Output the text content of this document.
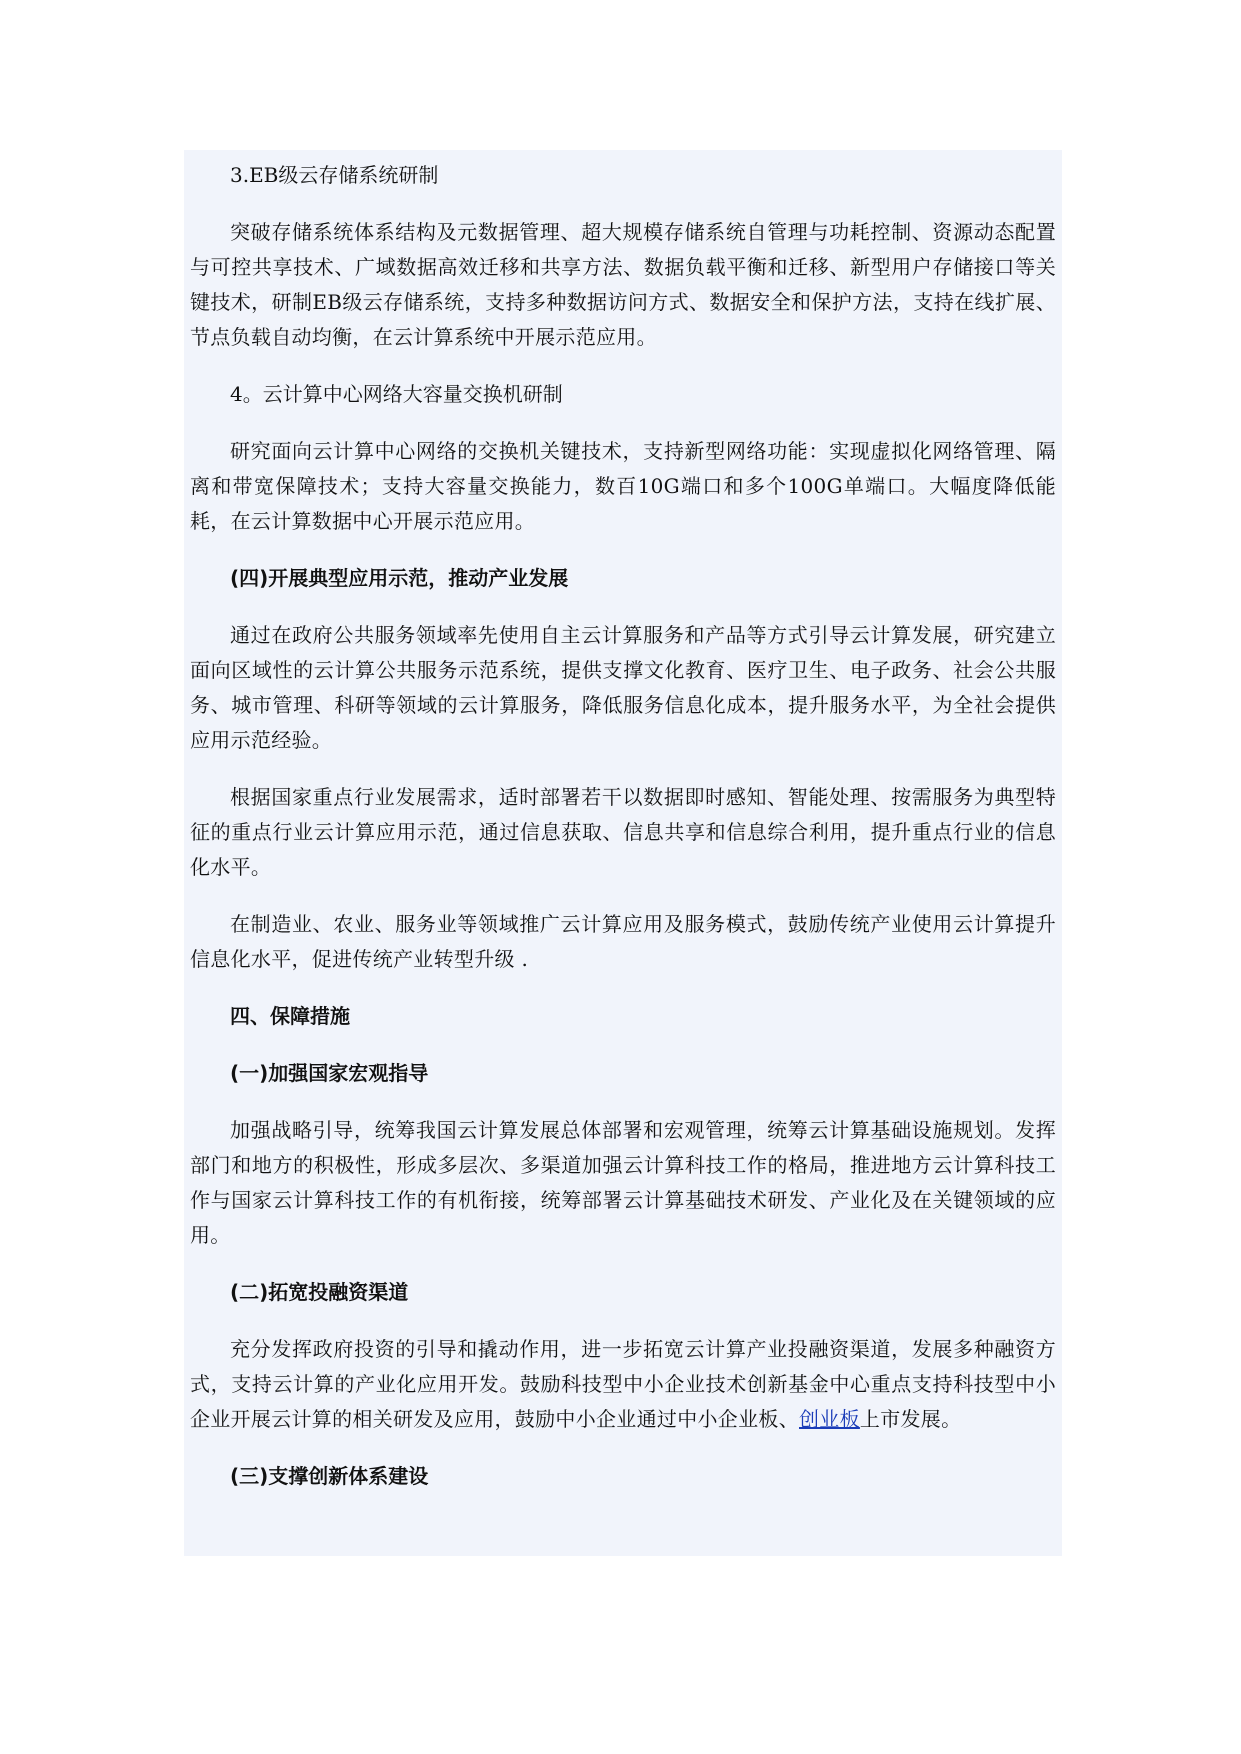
3.EB级云存储系统研制

突破存储系统体系结构及元数据管理、超大规模存储系统自管理与功耗控制、资源动态配置与可控共享技术、广域数据高效迁移和共享方法、数据负载平衡和迁移、新型用户存储接口等关键技术，研制EB级云存储系统，支持多种数据访问方式、数据安全和保护方法，支持在线扩展、节点负载自动均衡，在云计算系统中开展示范应用。

4。云计算中心网络大容量交换机研制

研究面向云计算中心网络的交换机关键技术，支持新型网络功能：实现虚拟化网络管理、隔离和带宽保障技术；支持大容量交换能力，数百10G端口和多个100G单端口。大幅度降低能耗，在云计算数据中心开展示范应用。

(四)开展典型应用示范，推动产业发展

通过在政府公共服务领域率先使用自主云计算服务和产品等方式引导云计算发展，研究建立面向区域性的云计算公共服务示范系统，提供支撑文化教育、医疗卫生、电子政务、社会公共服务、城市管理、科研等领域的云计算服务，降低服务信息化成本，提升服务水平，为全社会提供应用示范经验。

根据国家重点行业发展需求，适时部署若干以数据即时感知、智能处理、按需服务为典型特征的重点行业云计算应用示范，通过信息获取、信息共享和信息综合利用，提升重点行业的信息化水平。

在制造业、农业、服务业等领域推广云计算应用及服务模式，鼓励传统产业使用云计算提升信息化水平，促进传统产业转型升级 .

四、保障措施

(一)加强国家宏观指导

加强战略引导，统筹我国云计算发展总体部署和宏观管理，统筹云计算基础设施规划。发挥部门和地方的积极性，形成多层次、多渠道加强云计算科技工作的格局，推进地方云计算科技工作与国家云计算科技工作的有机衔接，统筹部署云计算基础技术研发、产业化及在关键领域的应用。

(二)拓宽投融资渠道

充分发挥政府投资的引导和撬动作用，进一步拓宽云计算产业投融资渠道，发展多种融资方式，支持云计算的产业化应用开发。鼓励科技型中小企业技术创新基金中心重点支持科技型中小企业开展云计算的相关研发及应用，鼓励中小企业通过中小企业板、创业板上市发展。

(三)支撑创新体系建设
